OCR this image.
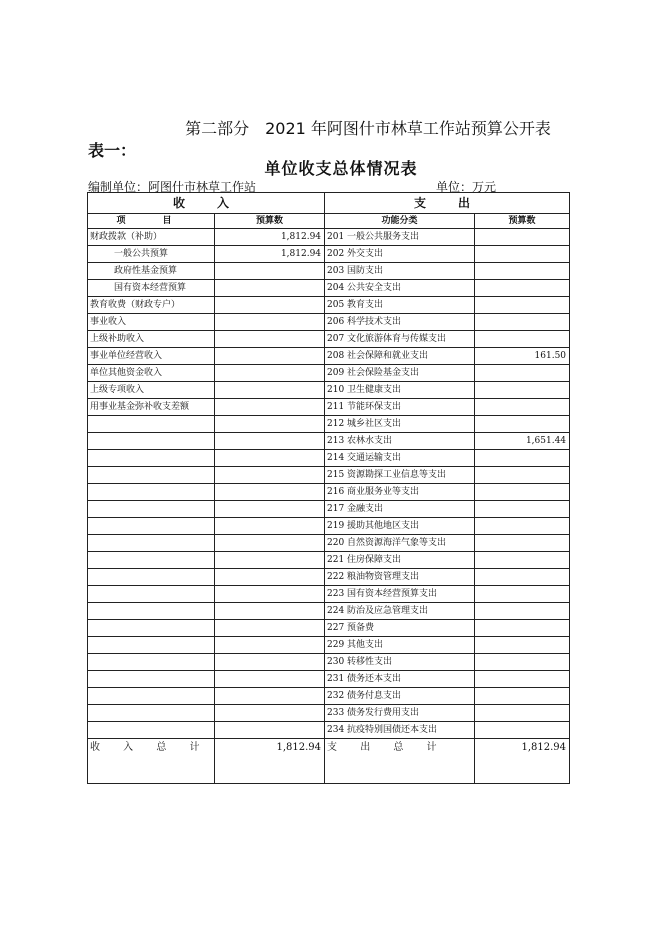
第二部分　2021 年阿图什市林草工作站预算公开表
表一：
单位收支总体情况表
编制单位：阿图什市林草工作站	单位：万元
收　入		支　出	
项　目	预算数	功能分类	预算数
财政拨款（补助）	1,812.94	201 一般公共服务支出	
一般公共预算	1,812.94	202 外交支出	
政府性基金预算		203 国防支出	
国有资本经营预算		204 公共安全支出	
教育收费（财政专户）		205 教育支出	
事业收入		206 科学技术支出	
上级补助收入		207 文化旅游体育与传媒支出	
事业单位经营收入		208 社会保障和就业支出	161.50
单位其他资金收入		209 社会保险基金支出	
上级专项收入		210 卫生健康支出	
用事业基金弥补收支差额		211 节能环保支出	
		212 城乡社区支出	
		213 农林水支出	1,651.44
		214 交通运输支出	
		215 资源勘探工业信息等支出	
		216 商业服务业等支出	
		217 金融支出	
		219 援助其他地区支出	
		220 自然资源海洋气象等支出	
		221 住房保障支出	
		222 粮油物资管理支出	
		223 国有资本经营预算支出	
		224 防治及应急管理支出	
		227 预备费	
		229 其他支出	
		230 转移性支出	
		231 债务还本支出	
		232 债务付息支出	
		233 债务发行费用支出	
		234 抗疫特别国债还本支出	
收 入 总 计	1,812.94	支 出 总 计	1,812.94
